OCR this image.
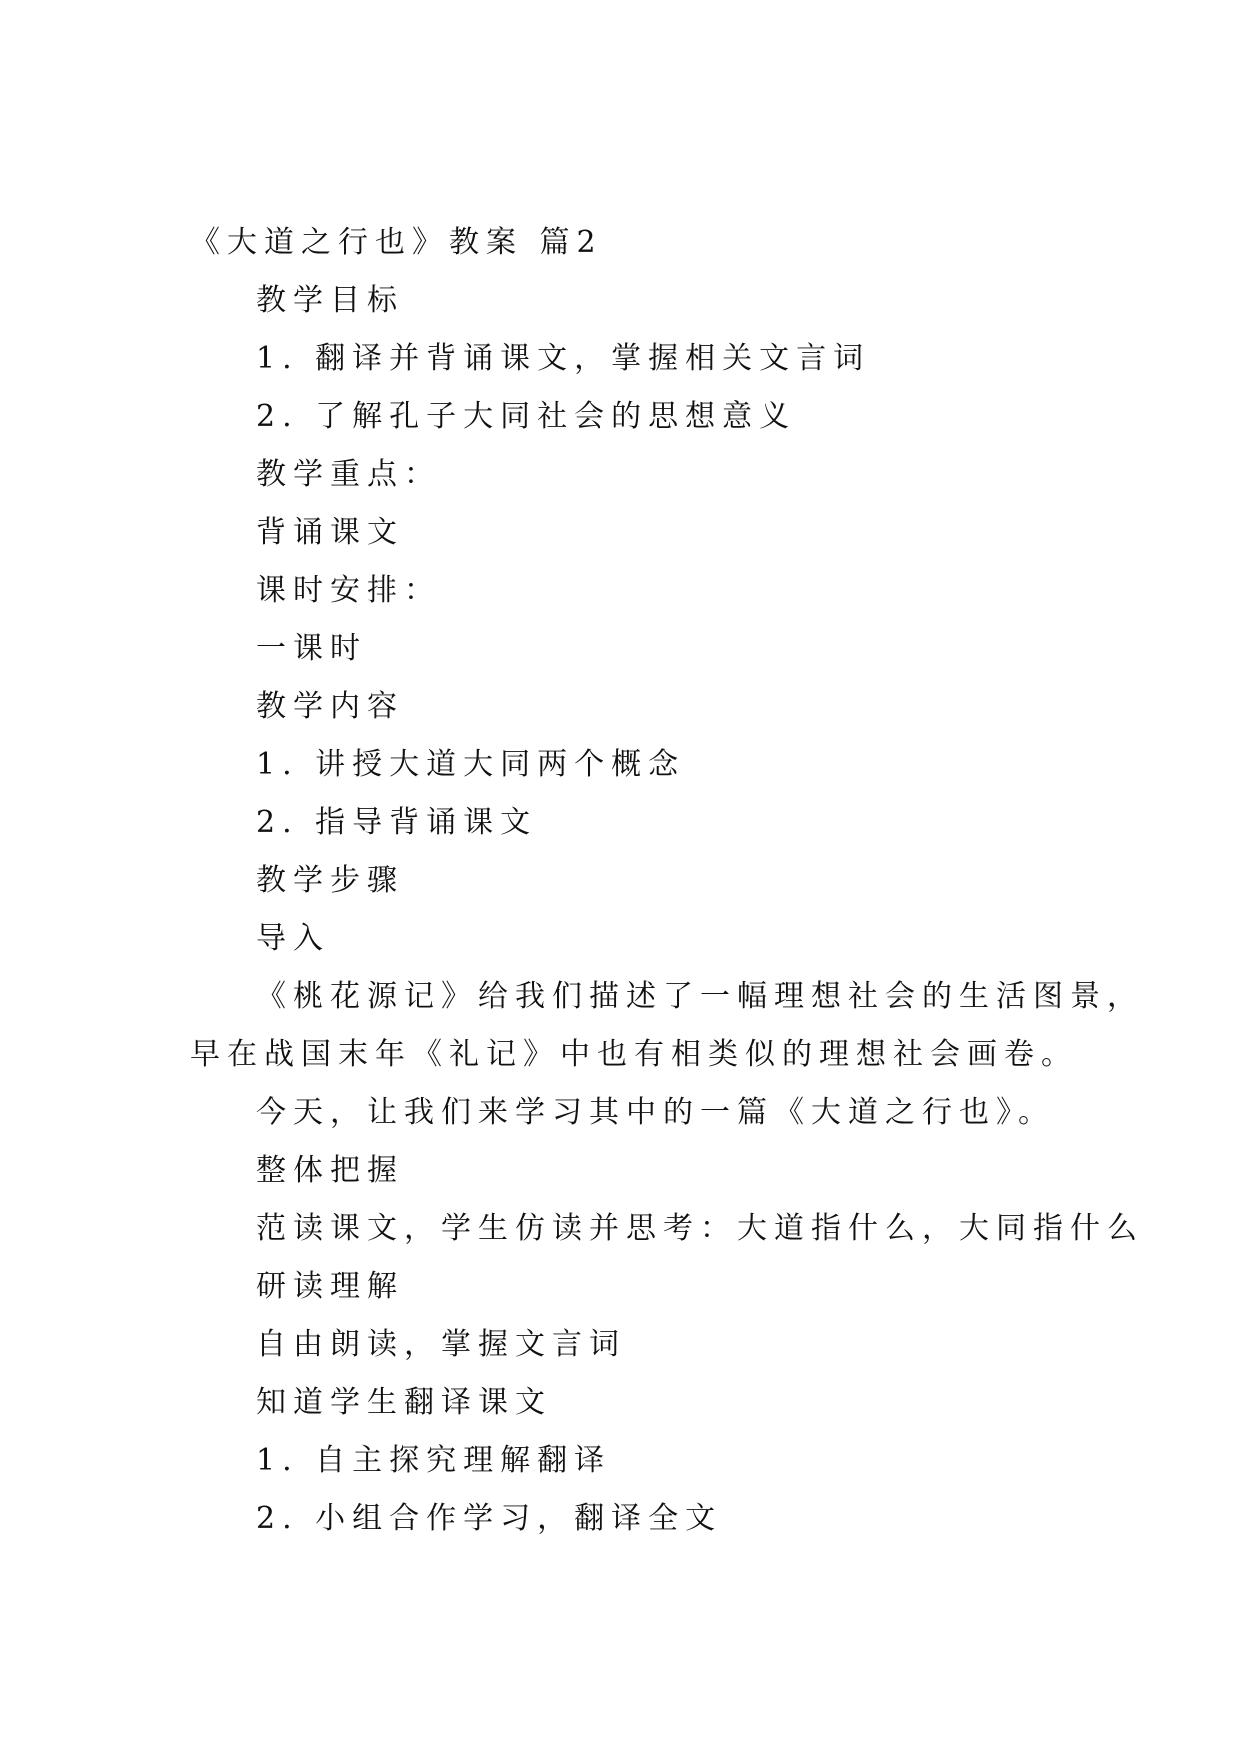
《大道之行也》教案 篇2
教学目标
1. 翻译并背诵课文，掌握相关文言词
2. 了解孔子大同社会的思想意义
教学重点：
背诵课文
课时安排：
一课时
教学内容
1. 讲授大道大同两个概念
2. 指导背诵课文
教学步骤
导入
《桃花源记》给我们描述了一幅理想社会的生活图景，
早在战国末年《礼记》中也有相类似的理想社会画卷。
今天，让我们来学习其中的一篇《大道之行也》。
整体把握
范读课文，学生仿读并思考：大道指什么，大同指什么
研读理解
自由朗读，掌握文言词
知道学生翻译课文
1. 自主探究理解翻译
2. 小组合作学习，翻译全文
